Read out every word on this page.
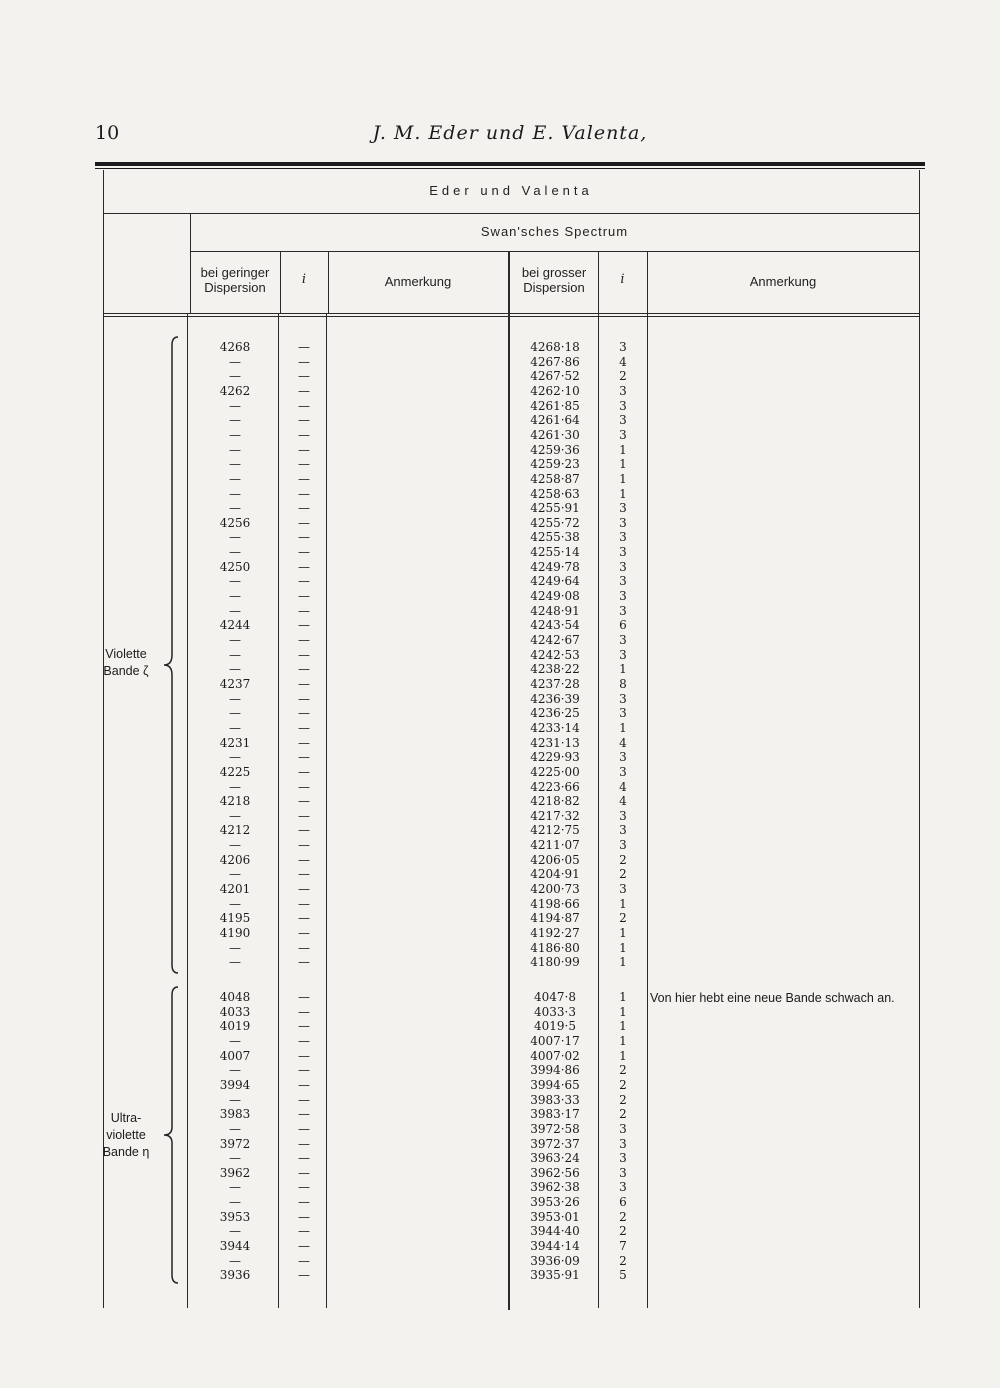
10	J. M. Eder und E. Valenta,
Eder und Valenta
Swan'sches Spectrum
bei geringer Dispersion
i	Anmerkung
bei grosser Dispersion
i	Anmerkung
Violette
Bande ζ
Ultra-
violette
Bande η
4268	—	4268·18	3
—	—	4267·86	4
—	—	4267·52	2
4262	—	4262·10	3
—	—	4261·85	3
—	—	4261·64	3
—	—	4261·30	3
—	—	4259·36	1
—	—	4259·23	1
—	—	4258·87	1
—	—	4258·63	1
—	—	4255·91	3
4256	—	4255·72	3
—	—	4255·38	3
—	—	4255·14	3
4250	—	4249·78	3
—	—	4249·64	3
—	—	4249·08	3
—	—	4248·91	3
4244	—	4243·54	6
—	—	4242·67	3
—	—	4242·53	3
—	—	4238·22	1
4237	—	4237·28	8
—	—	4236·39	3
—	—	4236·25	3
—	—	4233·14	1
4231	—	4231·13	4
—	—	4229·93	3
4225	—	4225·00	3
—	—	4223·66	4
4218	—	4218·82	4
—	—	4217·32	3
4212	—	4212·75	3
—	—	4211·07	3
4206	—	4206·05	2
—	—	4204·91	2
4201	—	4200·73	3
—	—	4198·66	1
4195	—	4194·87	2
4190	—	4192·27	1
—	—	4186·80	1
—	—	4180·99	1
4048	—	4047·8	1	Von hier hebt eine neue Bande schwach an.
4033	—	4033·3	1
4019	—	4019·5	1
—	—	4007·17	1
4007	—	4007·02	1
—	—	3994·86	2
3994	—	3994·65	2
—	—	3983·33	2
3983	—	3983·17	2
—	—	3972·58	3
3972	—	3972·37	3
—	—	3963·24	3
3962	—	3962·56	3
—	—	3962·38	3
—	—	3953·26	6
3953	—	3953·01	2
—	—	3944·40	2
3944	—	3944·14	7
—	—	3936·09	2
3936	—	3935·91	5
